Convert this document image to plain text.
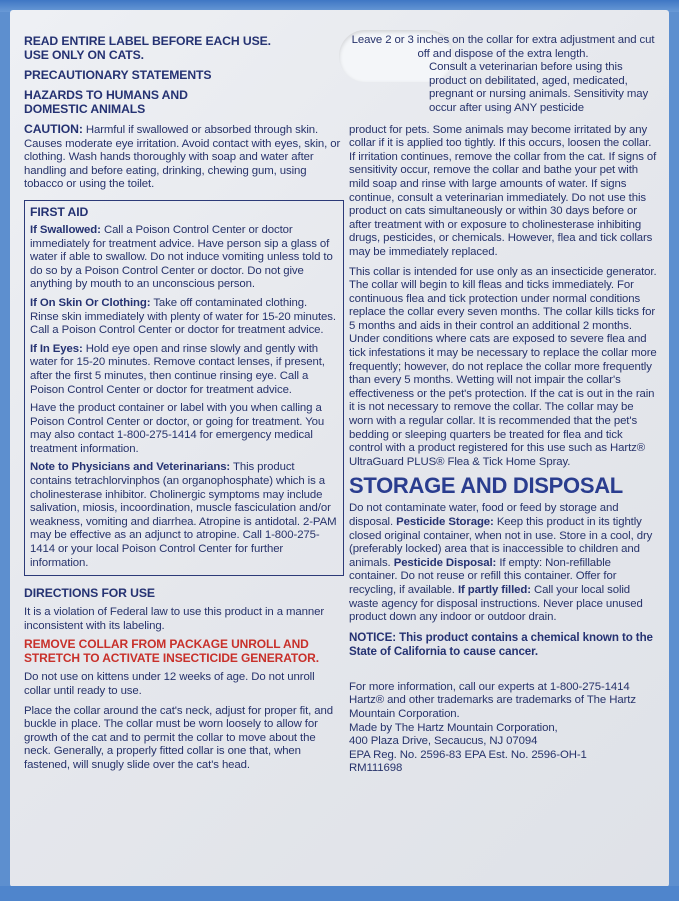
READ ENTIRE LABEL BEFORE EACH USE.
USE ONLY ON CATS.
PRECAUTIONARY STATEMENTS
HAZARDS TO HUMANS AND
DOMESTIC ANIMALS

CAUTION: Harmful if swallowed or absorbed through skin. Causes moderate eye irritation. Avoid contact with eyes, skin, or clothing. Wash hands thoroughly with soap and water after handling and before eating, drinking, chewing gum, using tobacco or using the toilet.

FIRST AID

If Swallowed: Call a Poison Control Center or doctor immediately for treatment advice. Have person sip a glass of water if able to swallow. Do not induce vomiting unless told to do so by a Poison Control Center or doctor. Do not give anything by mouth to an unconscious person.

If On Skin Or Clothing: Take off contaminated clothing. Rinse skin immediately with plenty of water for 15-20 minutes. Call a Poison Control Center or doctor for treatment advice.

If In Eyes: Hold eye open and rinse slowly and gently with water for 15-20 minutes. Remove contact lenses, if present, after the first 5 minutes, then continue rinsing eye. Call a Poison Control Center or doctor for treatment advice.

Have the product container or label with you when calling a Poison Control Center or doctor, or going for treatment. You may also contact 1-800-275-1414 for emergency medical treatment information.

Note to Physicians and Veterinarians: This product contains tetrachlorvinphos (an organophosphate) which is a cholinesterase inhibitor. Cholinergic symptoms may include salivation, miosis, incoordination, muscle fasciculation and/or weakness, vomiting and diarrhea. Atropine is antidotal. 2-PAM may be effective as an adjunct to atropine. Call 1-800-275-1414 or your local Poison Control Center for further information.

DIRECTIONS FOR USE

It is a violation of Federal law to use this product in a manner inconsistent with its labeling.

REMOVE COLLAR FROM PACKAGE UNROLL AND STRETCH TO ACTIVATE INSECTICIDE GENERATOR.

Do not use on kittens under 12 weeks of age. Do not unroll collar until ready to use.

Place the collar around the cat's neck, adjust for proper fit, and buckle in place. The collar must be worn loosely to allow for growth of the cat and to permit the collar to move about the neck. Generally, a properly fitted collar is one that, when fastened, will snugly slide over the cat's head.

Leave 2 or 3 inches on the collar for extra adjustment and cut off and dispose of the extra length.

Consult a veterinarian before using this product on debilitated, aged, medicated, pregnant or nursing animals. Sensitivity may occur after using ANY pesticide

product for pets. Some animals may become irritated by any collar if it is applied too tightly. If this occurs, loosen the collar. If irritation continues, remove the collar from the cat. If signs of sensitivity occur, remove the collar and bathe your pet with mild soap and rinse with large amounts of water. If signs continue, consult a veterinarian immediately. Do not use this product on cats simultaneously or within 30 days before or after treatment with or exposure to cholinesterase inhibiting drugs, pesticides, or chemicals. However, flea and tick collars may be immediately replaced.

This collar is intended for use only as an insecticide generator. The collar will begin to kill fleas and ticks immediately. For continuous flea and tick protection under normal conditions replace the collar every seven months. The collar kills ticks for 5 months and aids in their control an additional 2 months. Under conditions where cats are exposed to severe flea and tick infestations it may be necessary to replace the collar more frequently; however, do not replace the collar more frequently than every 5 months. Wetting will not impair the collar's effectiveness or the pet's protection. If the cat is out in the rain it is not necessary to remove the collar. The collar may be worn with a regular collar. It is recommended that the pet's bedding or sleeping quarters be treated for flea and tick control with a product registered for this use such as Hartz® UltraGuard PLUS® Flea & Tick Home Spray.

STORAGE AND DISPOSAL

Do not contaminate water, food or feed by storage and disposal. Pesticide Storage: Keep this product in its tightly closed original container, when not in use. Store in a cool, dry (preferably locked) area that is inaccessible to children and animals. Pesticide Disposal: If empty: Non-refillable container. Do not reuse or refill this container. Offer for recycling, if available. If partly filled: Call your local solid waste agency for disposal instructions. Never place unused product down any indoor or outdoor drain.

NOTICE: This product contains a chemical known to the State of California to cause cancer.

For more information, call our experts at 1-800-275-1414

Hartz® and other trademarks are trademarks of The Hartz Mountain Corporation.

Made by The Hartz Mountain Corporation,

400 Plaza Drive, Secaucus, NJ 07094

EPA Reg. No. 2596-83 EPA Est. No. 2596-OH-1

RM111698
